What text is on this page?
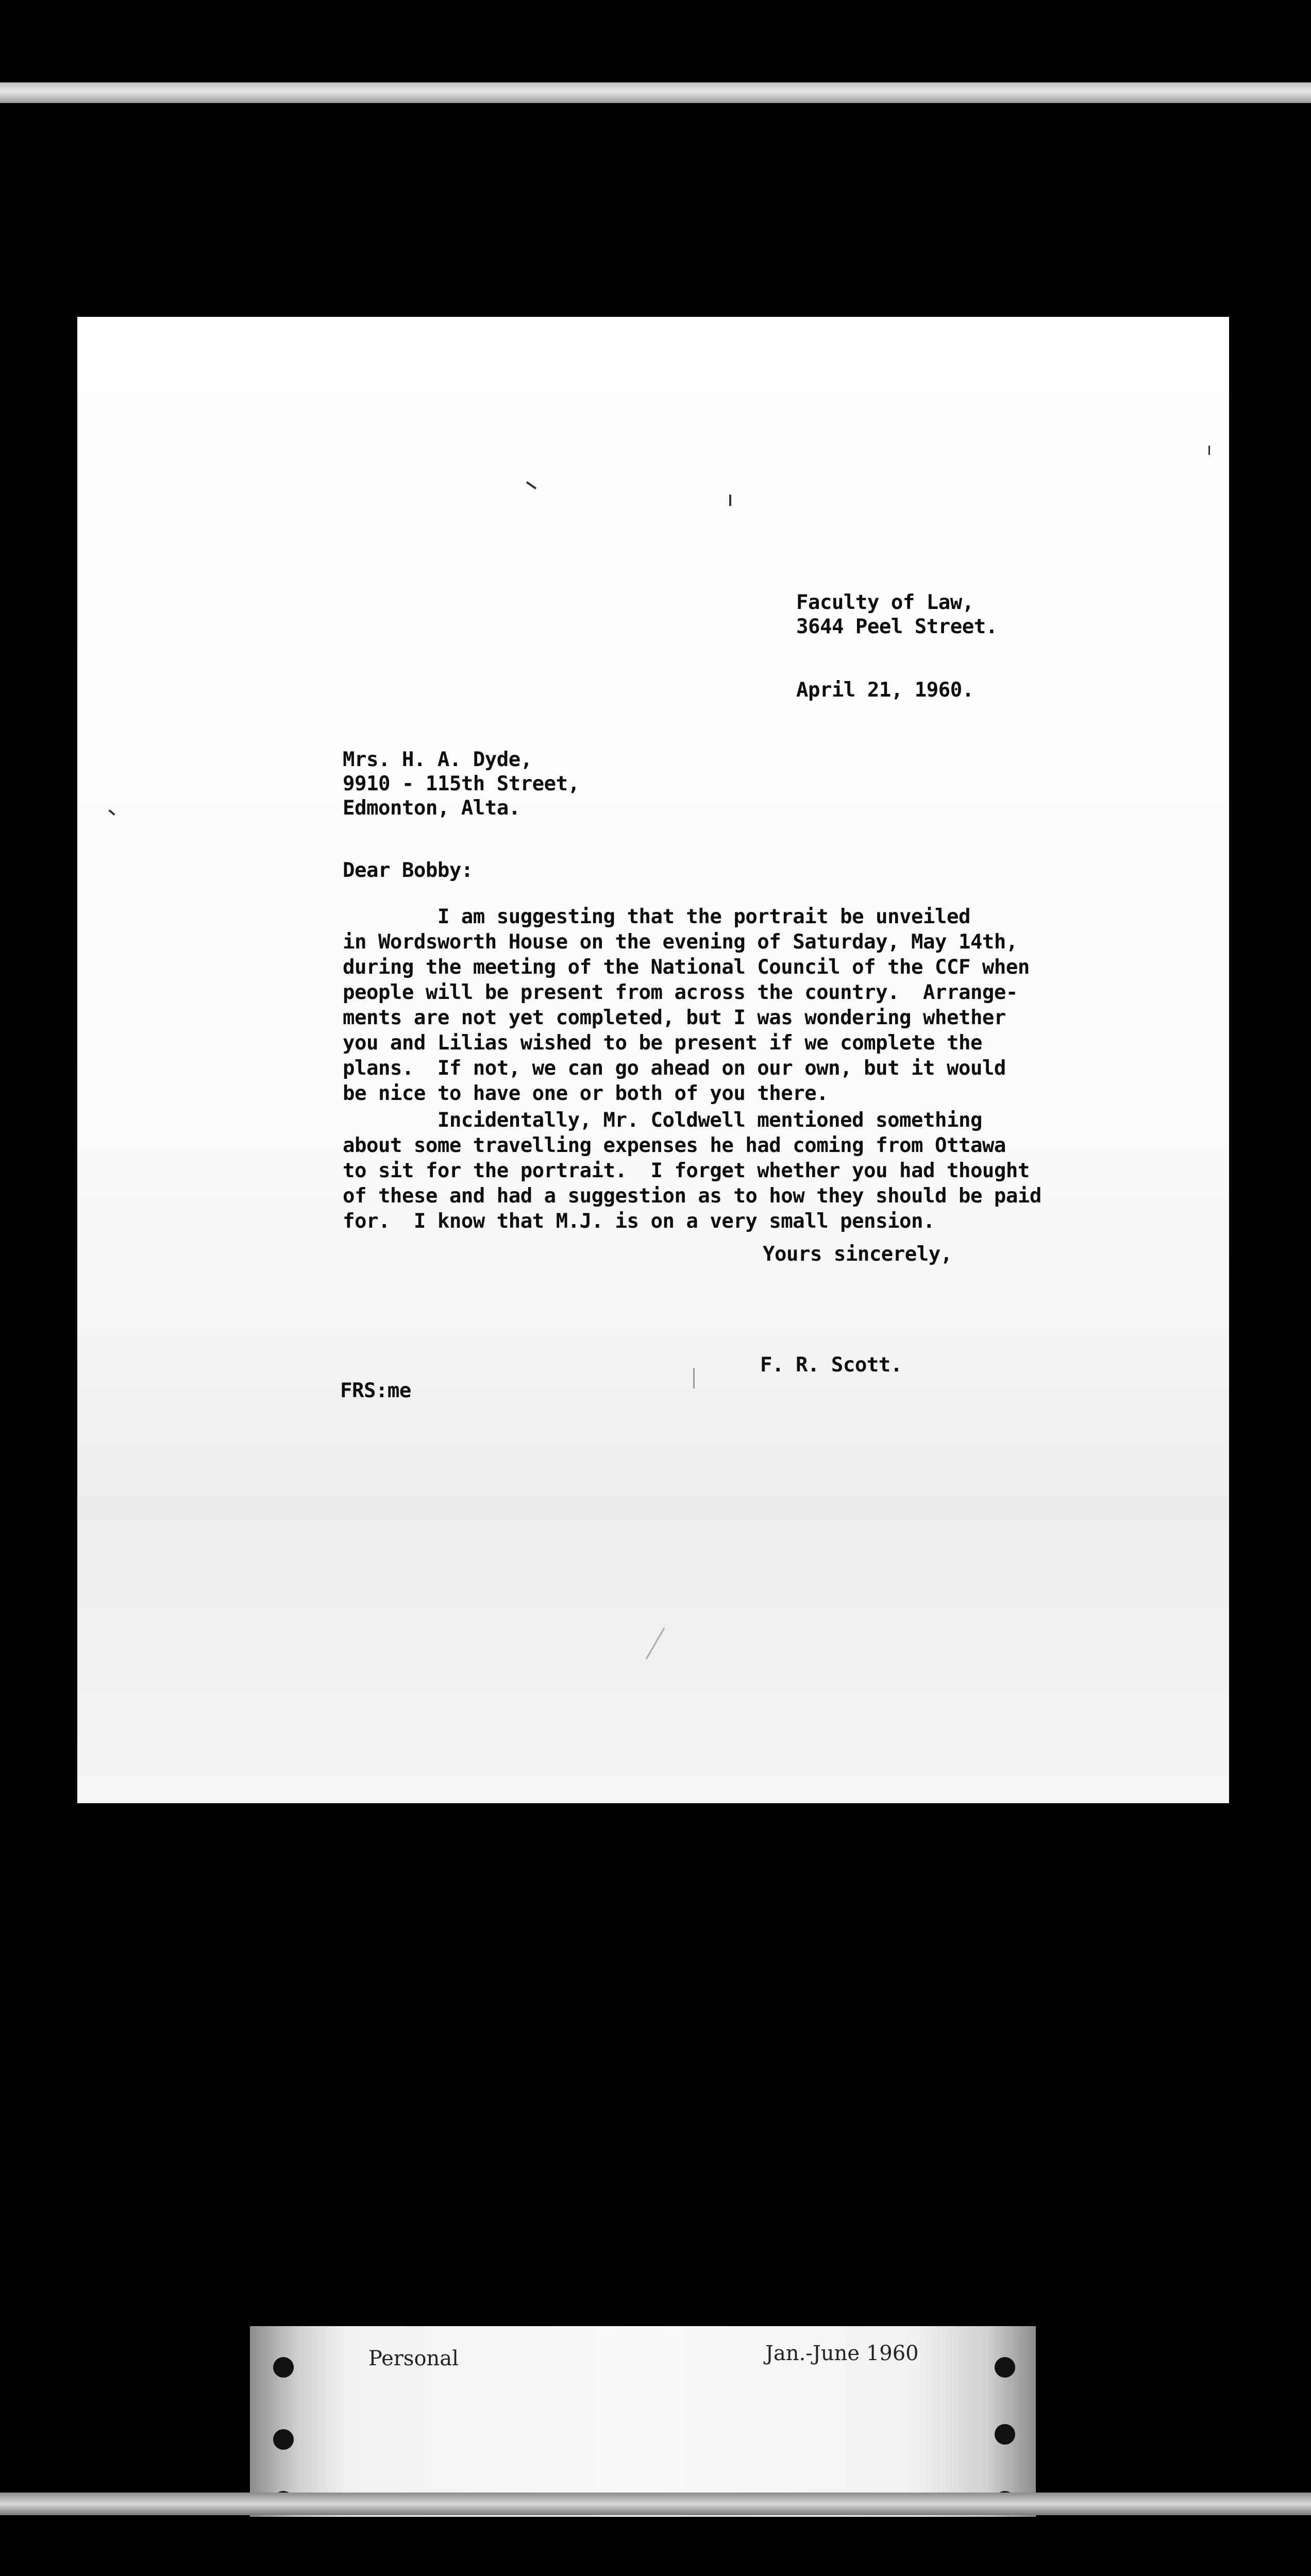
Faculty of Law,
3644 Peel Street.
April 21, 1960.
Mrs. H. A. Dyde,
9910 - 115th Street,
Edmonton, Alta.
Dear Bobby:
I am suggesting that the portrait be unveiled
in Wordsworth House on the evening of Saturday, May 14th,
during the meeting of the National Council of the CCF when
people will be present from across the country.  Arrange-
ments are not yet completed, but I was wondering whether
you and Lilias wished to be present if we complete the
plans.  If not, we can go ahead on our own, but it would
be nice to have one or both of you there.
Incidentally, Mr. Coldwell mentioned something
about some travelling expenses he had coming from Ottawa
to sit for the portrait.  I forget whether you had thought
of these and had a suggestion as to how they should be paid
for.  I know that M.J. is on a very small pension.
Yours sincerely,
F. R. Scott.
FRS:me
Personal	Jan.-June 1960
